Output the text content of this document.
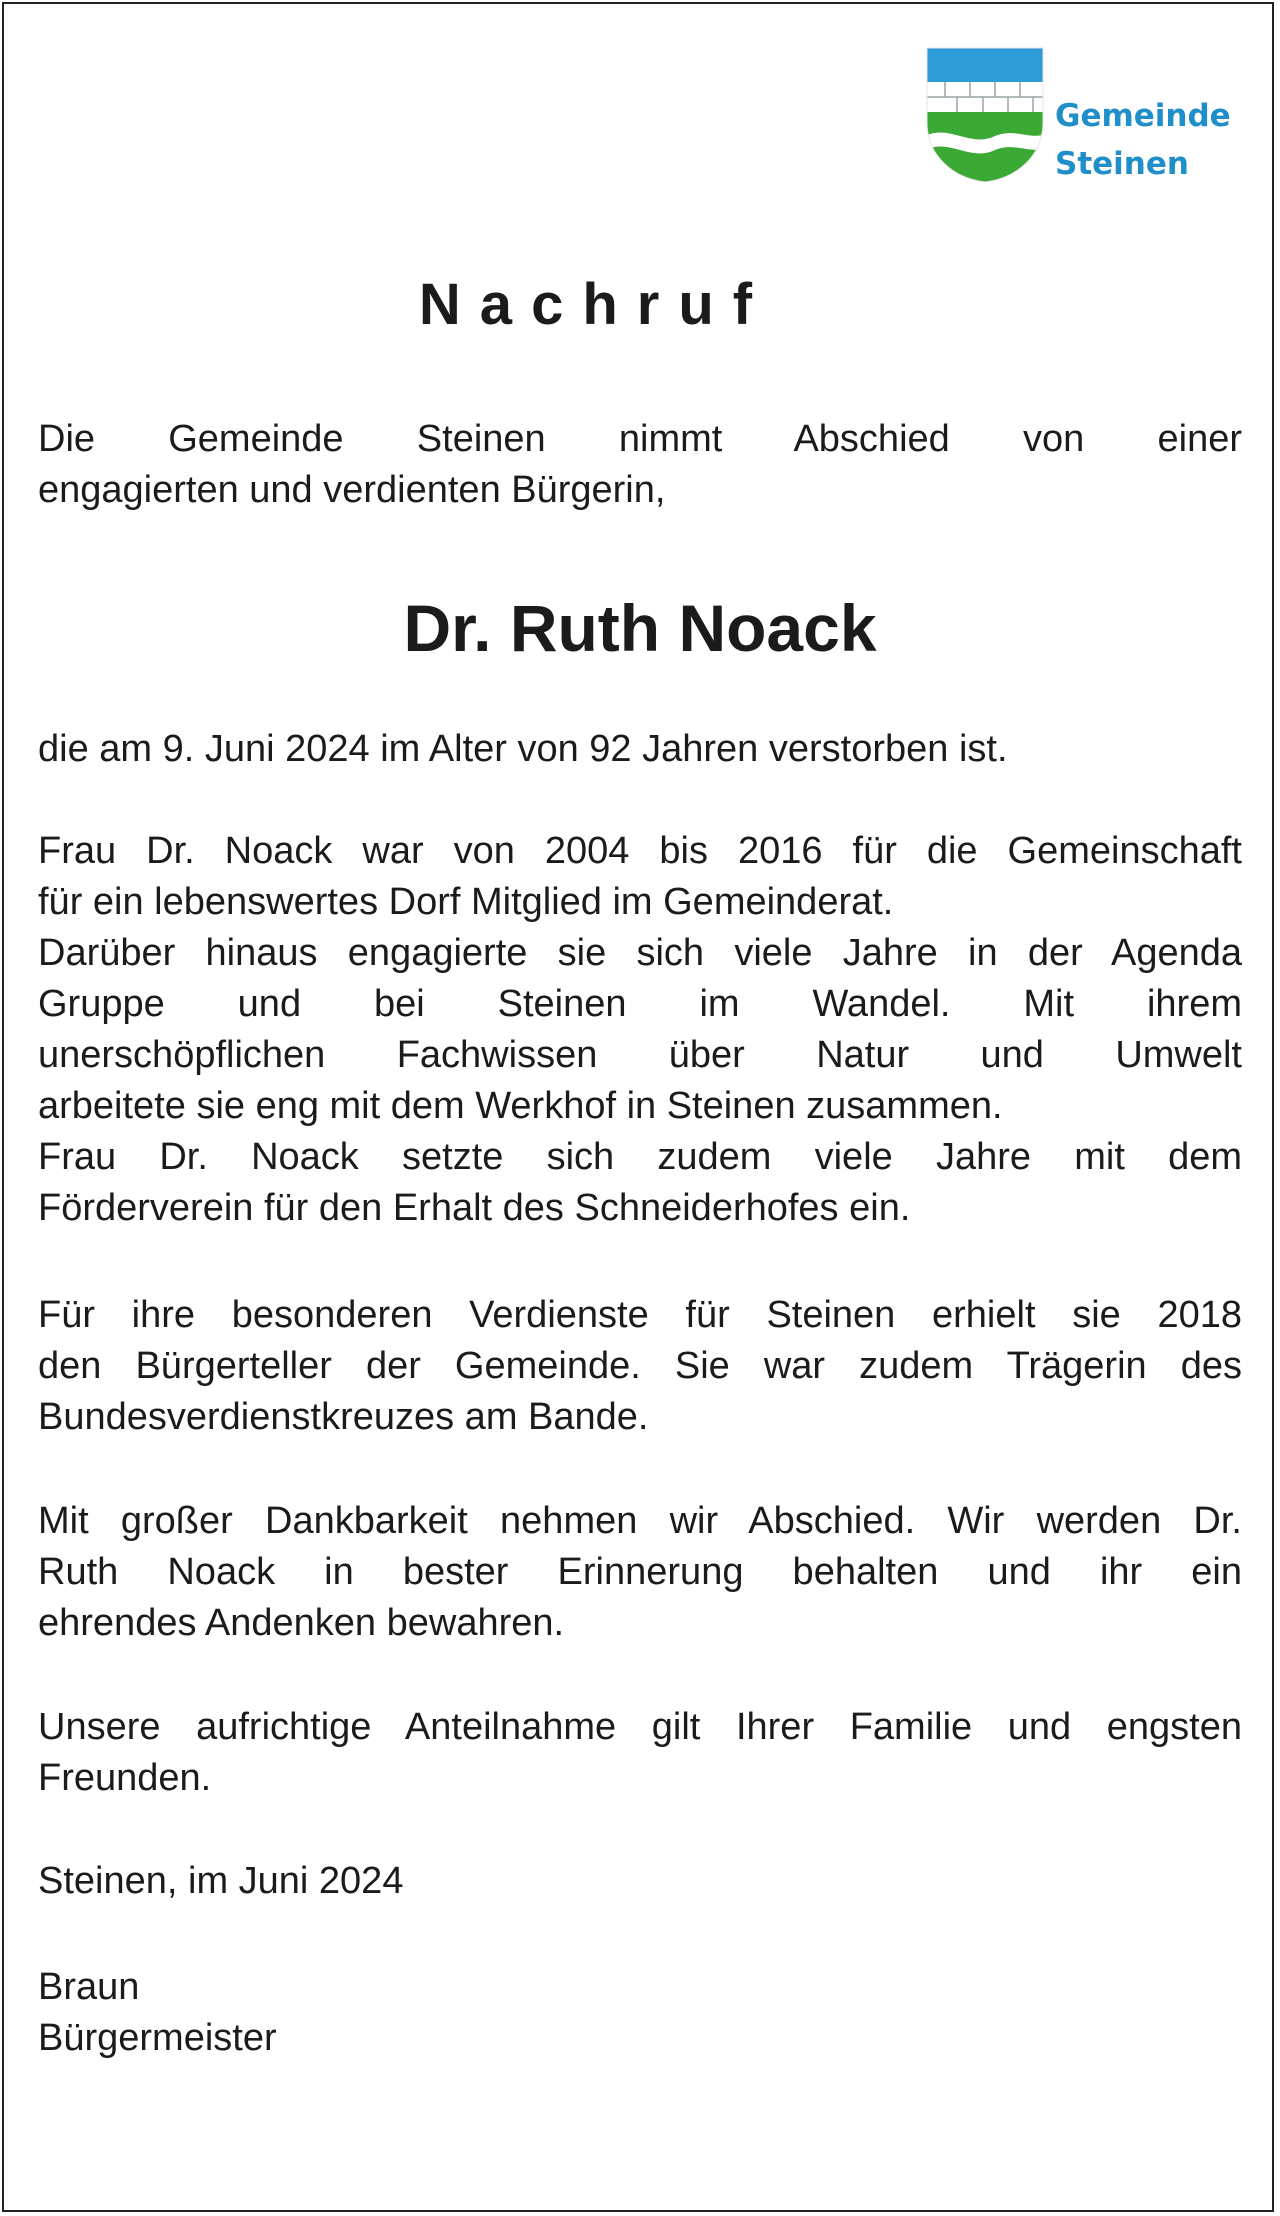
Gemeinde
Steinen
Nachruf
Die Gemeinde Steinen nimmt Abschied von einer
engagierten und verdienten Bürgerin,
die am 9. Juni 2024 im Alter von 92 Jahren verstorben ist.
Frau Dr. Noack war von 2004 bis 2016 für die Gemeinschaft
für ein lebenswertes Dorf Mitglied im Gemeinderat.
Darüber hinaus engagierte sie sich viele Jahre in der Agenda
Gruppe und bei Steinen im Wandel. Mit ihrem
unerschöpflichen Fachwissen über Natur und Umwelt
arbeitete sie eng mit dem Werkhof in Steinen zusammen.
Frau Dr. Noack setzte sich zudem viele Jahre mit dem
Förderverein für den Erhalt des Schneiderhofes ein.
Für ihre besonderen Verdienste für Steinen erhielt sie 2018
den Bürgerteller der Gemeinde. Sie war zudem Trägerin des
Bundesverdienstkreuzes am Bande.
Mit großer Dankbarkeit nehmen wir Abschied. Wir werden Dr.
Ruth Noack in bester Erinnerung behalten und ihr ein
ehrendes Andenken bewahren.
Unsere aufrichtige Anteilnahme gilt Ihrer Familie und engsten
Freunden.
Steinen, im Juni 2024
Braun
Bürgermeister
Dr. Ruth Noack
